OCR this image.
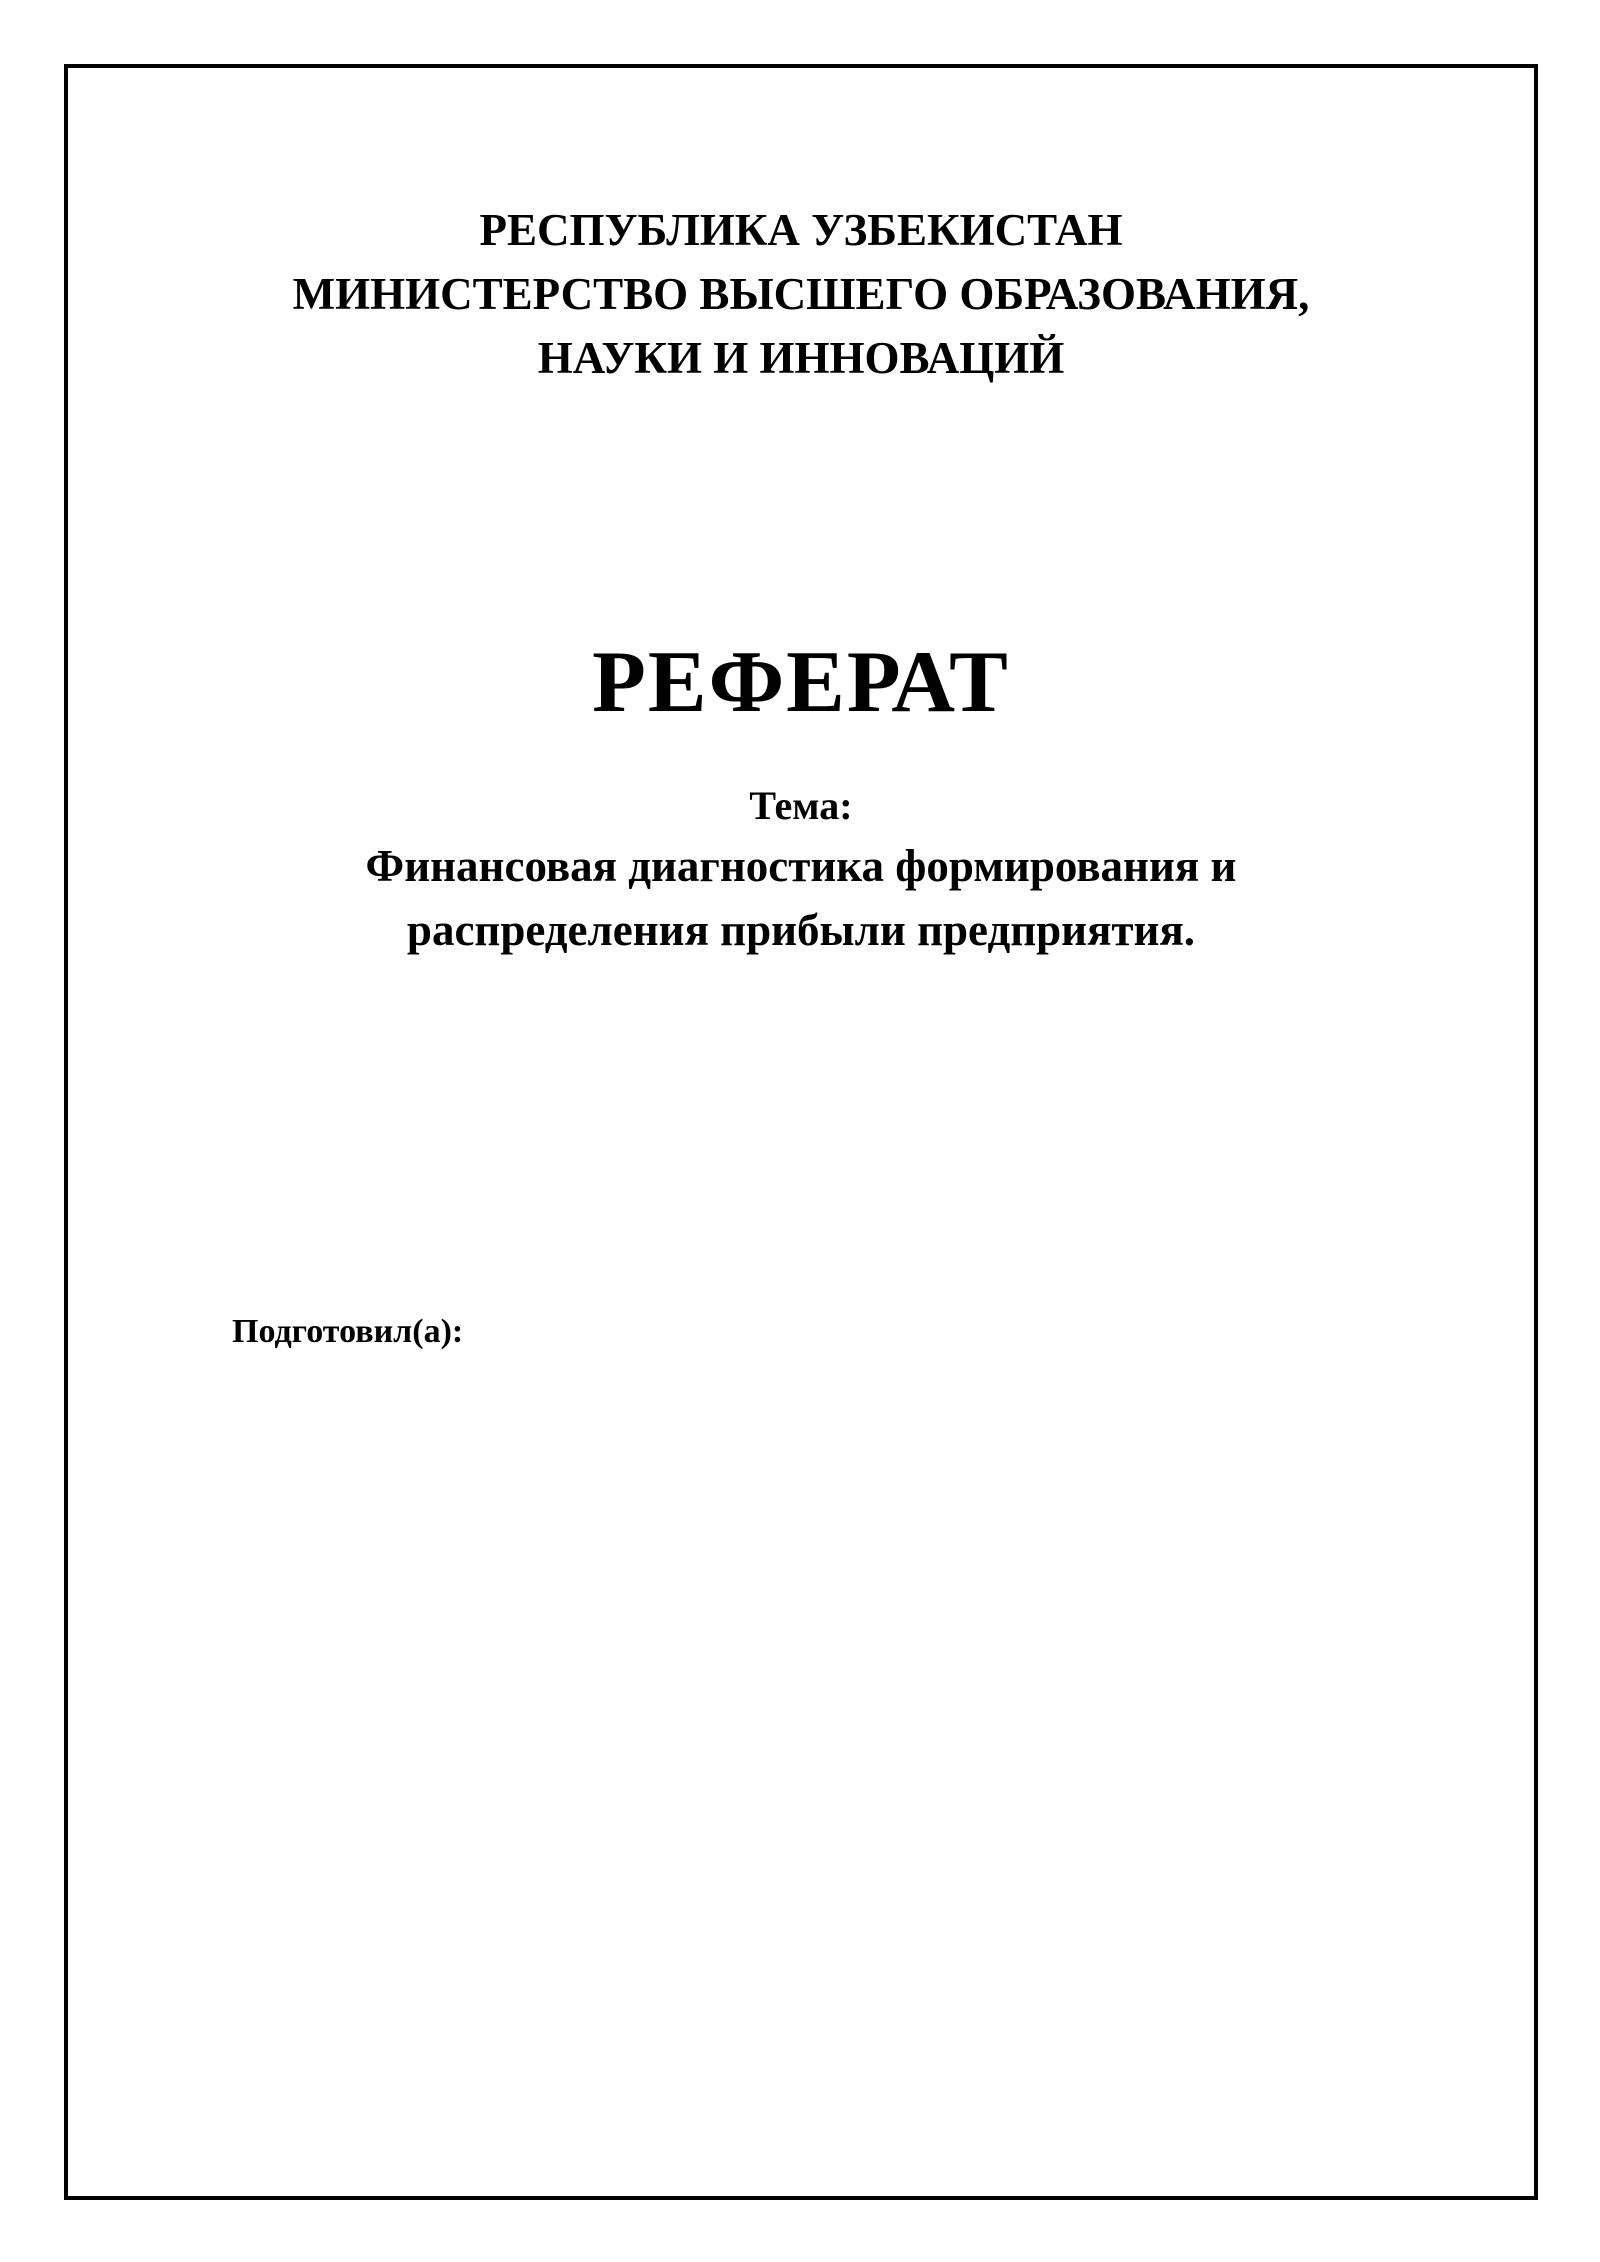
РЕСПУБЛИКА УЗБЕКИСТАН
МИНИСТЕРСТВО ВЫСШЕГО ОБРАЗОВАНИЯ,
НАУКИ И ИННОВАЦИЙ
РЕФЕРАТ
Тема:
Финансовая диагностика формирования и
распределения прибыли предприятия.
Подготовил(а):
